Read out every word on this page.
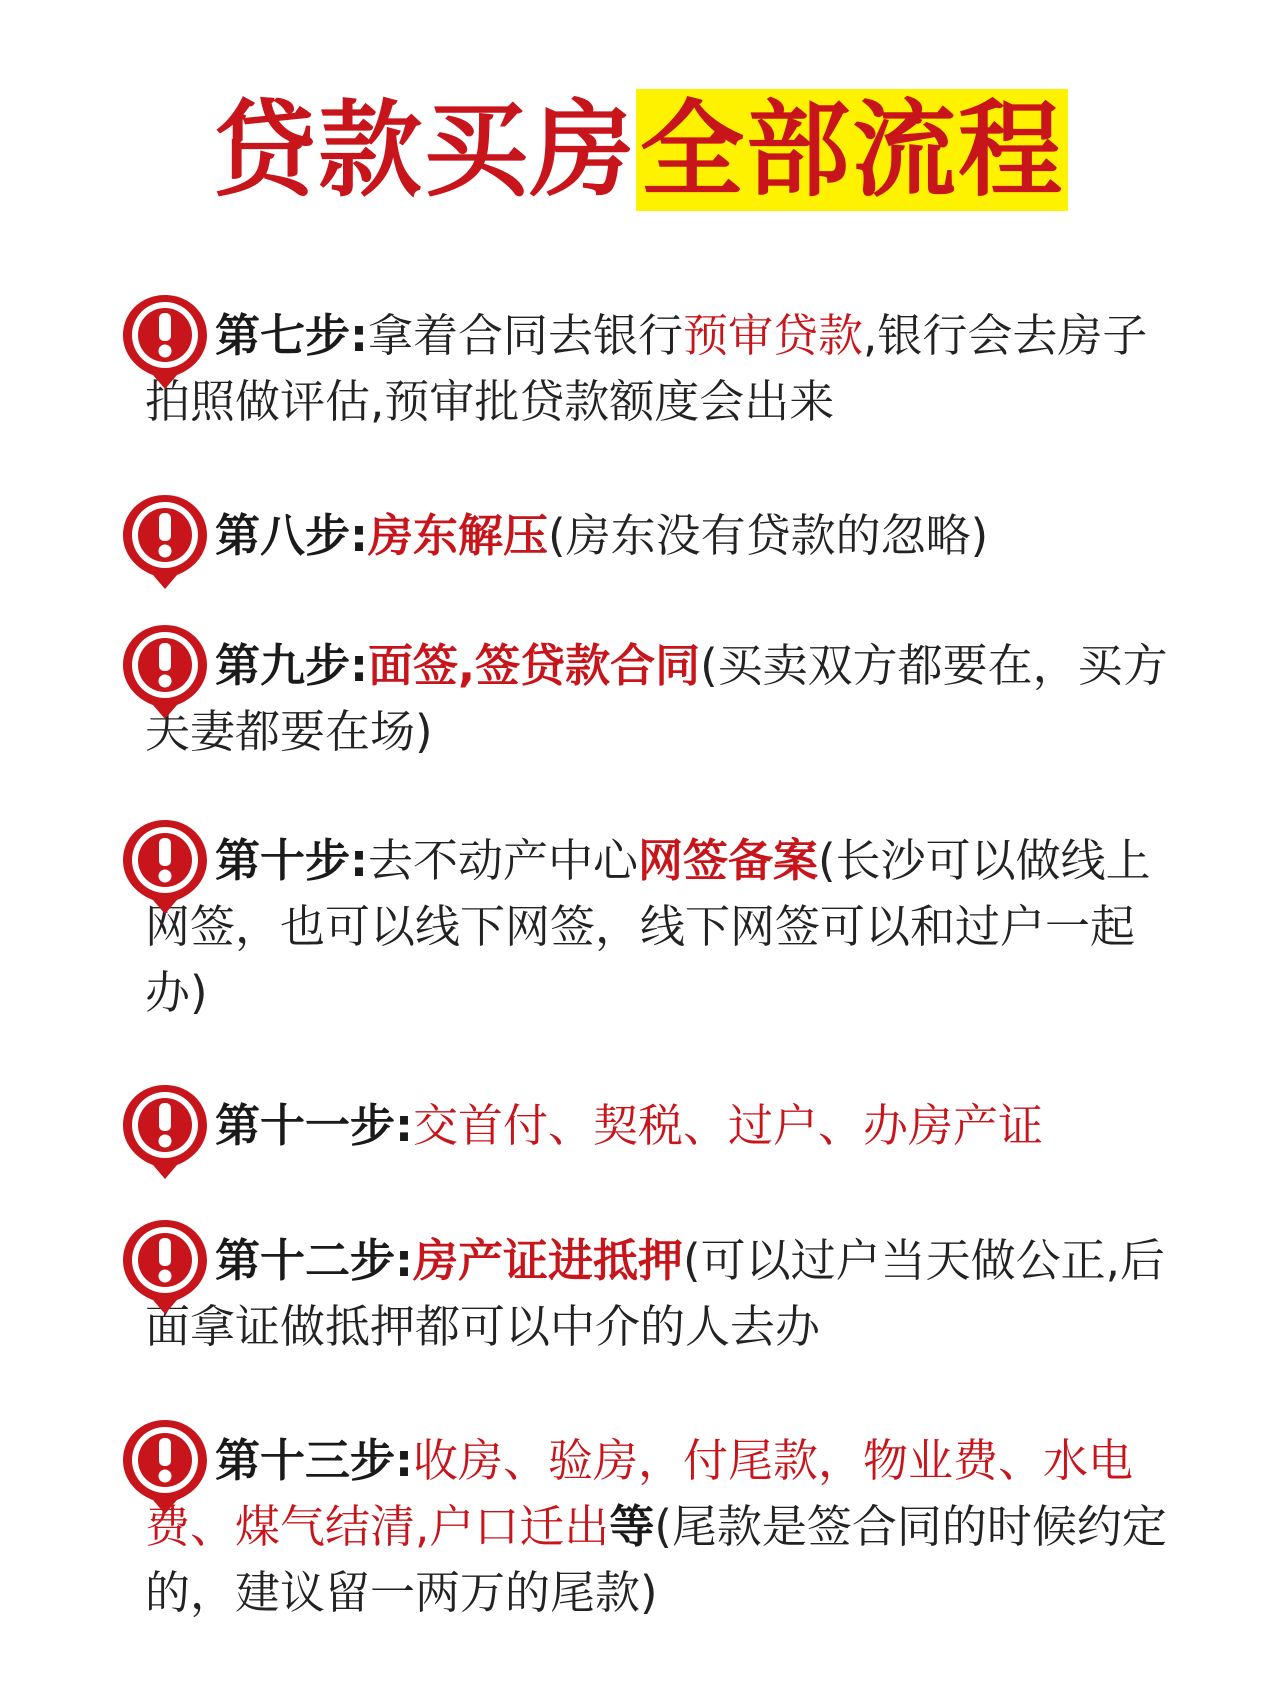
贷款买房全部流程
第七步:拿着合同去银行预审贷款,银行会去房子拍照做评估,预审批贷款额度会出来
第八步:房东解压(房东没有贷款的忽略)
第九步:面签,签贷款合同(买卖双方都要在，买方夫妻都要在场)
第十步:去不动产中心网签备案(长沙可以做线上网签，也可以线下网签，线下网签可以和过户一起办)
第十一步:交首付、契税、过户、办房产证
第十二步:房产证进抵押(可以过户当天做公正,后面拿证做抵押都可以中介的人去办
第十三步:收房、验房，付尾款，物业费、水电费、煤气结清,户口迁出等(尾款是签合同的时候约定的，建议留一两万的尾款)
